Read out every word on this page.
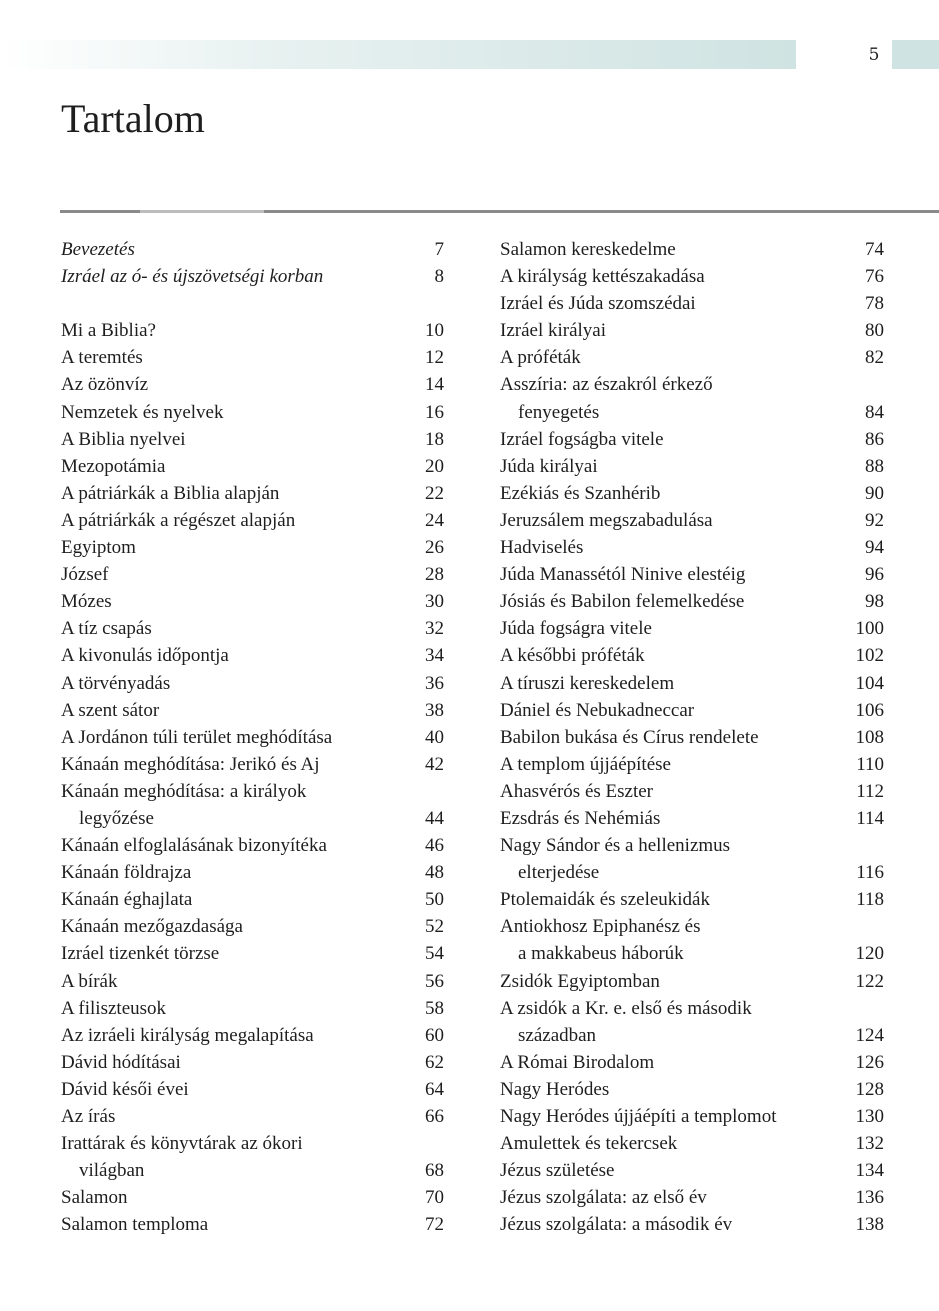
5
Tartalom
Bevezetés	7
Izráel az ó- és újszövetségi korban	8
Mi a Biblia?	10
A teremtés	12
Az özönvíz	14
Nemzetek és nyelvek	16
A Biblia nyelvei	18
Mezopotámia	20
A pátriárkák a Biblia alapján	22
A pátriárkák a régészet alapján	24
Egyiptom	26
József	28
Mózes	30
A tíz csapás	32
A kivonulás időpontja	34
A törvényadás	36
A szent sátor	38
A Jordánon túli terület meghódítása	40
Kánaán meghódítása: Jerikó és Aj	42
Kánaán meghódítása: a királyok

legyőzése	44
Kánaán elfoglalásának bizonyítéka	46
Kánaán földrajza	48
Kánaán éghajlata	50
Kánaán mezőgazdasága	52
Izráel tizenkét törzse	54
A bírák	56
A filiszteusok	58
Az izráeli királyság megalapítása	60
Dávid hódításai	62
Dávid késői évei	64
Az írás	66
Irattárak és könyvtárak az ókori

világban	68
Salamon	70
Salamon temploma	72
Salamon kereskedelme	74
A királyság kettészakadása	76
Izráel és Júda szomszédai	78
Izráel királyai	80
A próféták	82
Asszíria: az északról érkező

fenyegetés	84
Izráel fogságba vitele	86
Júda királyai	88
Ezékiás és Szanhérib	90
Jeruzsálem megszabadulása	92
Hadviselés	94
Júda Manassétól Ninive elestéig	96
Jósiás és Babilon felemelkedése	98
Júda fogságra vitele	100
A későbbi próféták	102
A tíruszi kereskedelem	104
Dániel és Nebukadneccar	106
Babilon bukása és Círus rendelete	108
A templom újjáépítése	110
Ahasvérós és Eszter	112
Ezsdrás és Nehémiás	114
Nagy Sándor és a hellenizmus

elterjedése	116
Ptolemaidák és szeleukidák	118
Antiokhosz Epiphanész és

a makkabeus háborúk	120
Zsidók Egyiptomban	122
A zsidók a Kr. e. első és második

században	124
A Római Birodalom	126
Nagy Heródes	128
Nagy Heródes újjáépíti a templomot	130
Amulettek és tekercsek	132
Jézus születése	134
Jézus szolgálata: az első év	136
Jézus szolgálata: a második év	138
